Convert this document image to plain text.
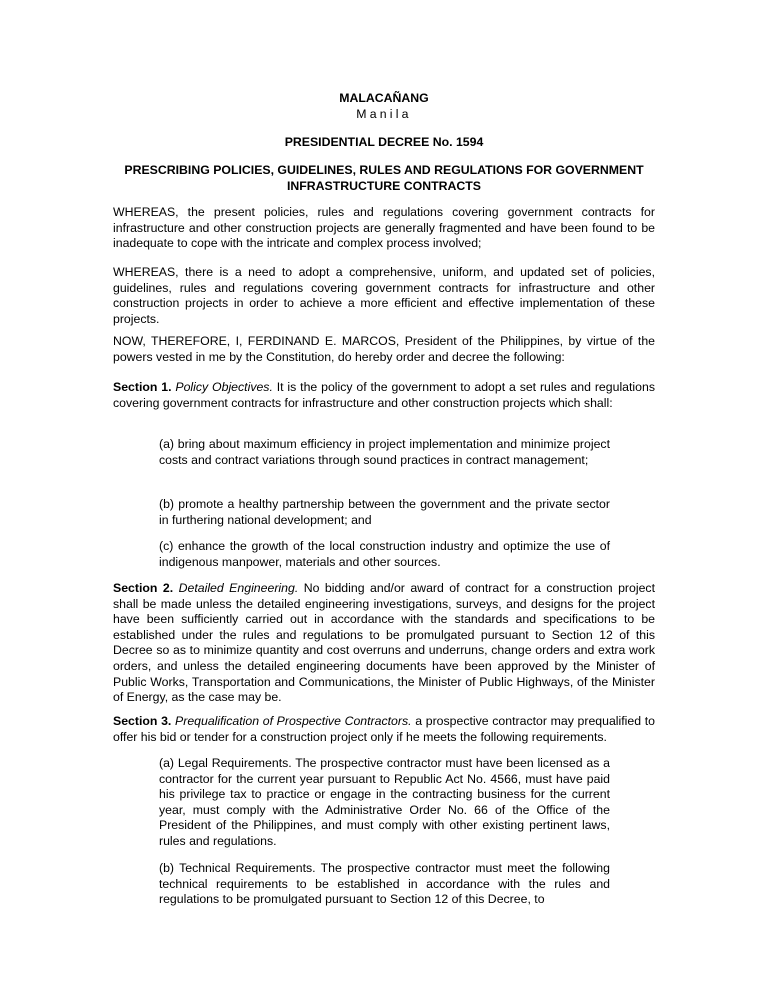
MALACAÑANG
Manila
PRESIDENTIAL DECREE No. 1594
PRESCRIBING POLICIES, GUIDELINES, RULES AND REGULATIONS FOR GOVERNMENT INFRASTRUCTURE CONTRACTS
WHEREAS, the present policies, rules and regulations covering government contracts for infrastructure and other construction projects are generally fragmented and have been found to be inadequate to cope with the intricate and complex process involved;
WHEREAS, there is a need to adopt a comprehensive, uniform, and updated set of policies, guidelines, rules and regulations covering government contracts for infrastructure and other construction projects in order to achieve a more efficient and effective implementation of these projects.
NOW, THEREFORE, I, FERDINAND E. MARCOS, President of the Philippines, by virtue of the powers vested in me by the Constitution, do hereby order and decree the following:
Section 1. Policy Objectives. It is the policy of the government to adopt a set rules and regulations covering government contracts for infrastructure and other construction projects which shall:
(a) bring about maximum efficiency in project implementation and minimize project costs and contract variations through sound practices in contract management;
(b) promote a healthy partnership between the government and the private sector in furthering national development; and
(c) enhance the growth of the local construction industry and optimize the use of indigenous manpower, materials and other sources.
Section 2. Detailed Engineering. No bidding and/or award of contract for a construction project shall be made unless the detailed engineering investigations, surveys, and designs for the project have been sufficiently carried out in accordance with the standards and specifications to be established under the rules and regulations to be promulgated pursuant to Section 12 of this Decree so as to minimize quantity and cost overruns and underruns, change orders and extra work orders, and unless the detailed engineering documents have been approved by the Minister of Public Works, Transportation and Communications, the Minister of Public Highways, of the Minister of Energy, as the case may be.
Section 3. Prequalification of Prospective Contractors. a prospective contractor may prequalified to offer his bid or tender for a construction project only if he meets the following requirements.
(a) Legal Requirements. The prospective contractor must have been licensed as a contractor for the current year pursuant to Republic Act No. 4566, must have paid his privilege tax to practice or engage in the contracting business for the current year, must comply with the Administrative Order No. 66 of the Office of the President of the Philippines, and must comply with other existing pertinent laws, rules and regulations.
(b) Technical Requirements. The prospective contractor must meet the following technical requirements to be established in accordance with the rules and regulations to be promulgated pursuant to Section 12 of this Decree, to
